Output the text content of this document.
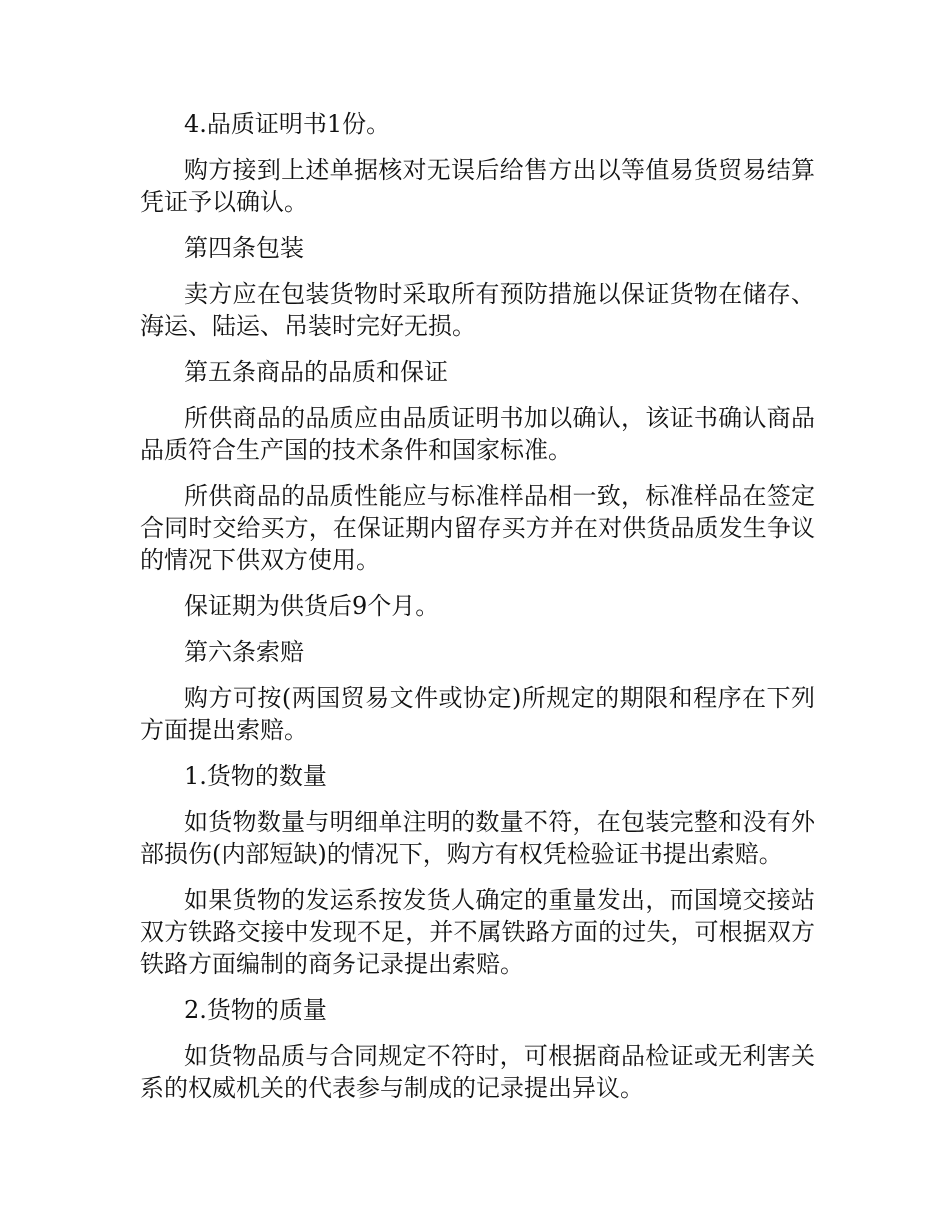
4.品质证明书1份。

购方接到上述单据核对无误后给售方出以等值易货贸易结算凭证予以确认。

第四条包装

卖方应在包装货物时采取所有预防措施以保证货物在储存、海运、陆运、吊装时完好无损。

第五条商品的品质和保证

所供商品的品质应由品质证明书加以确认，该证书确认商品品质符合生产国的技术条件和国家标准。

所供商品的品质性能应与标准样品相一致，标准样品在签定合同时交给买方，在保证期内留存买方并在对供货品质发生争议的情况下供双方使用。

保证期为供货后9个月。

第六条索赔

购方可按(两国贸易文件或协定)所规定的期限和程序在下列方面提出索赔。

1.货物的数量

如货物数量与明细单注明的数量不符，在包装完整和没有外部损伤(内部短缺)的情况下，购方有权凭检验证书提出索赔。

如果货物的发运系按发货人确定的重量发出，而国境交接站双方铁路交接中发现不足，并不属铁路方面的过失，可根据双方铁路方面编制的商务记录提出索赔。

2.货物的质量

如货物品质与合同规定不符时，可根据商品检证或无利害关系的权威机关的代表参与制成的记录提出异议。
